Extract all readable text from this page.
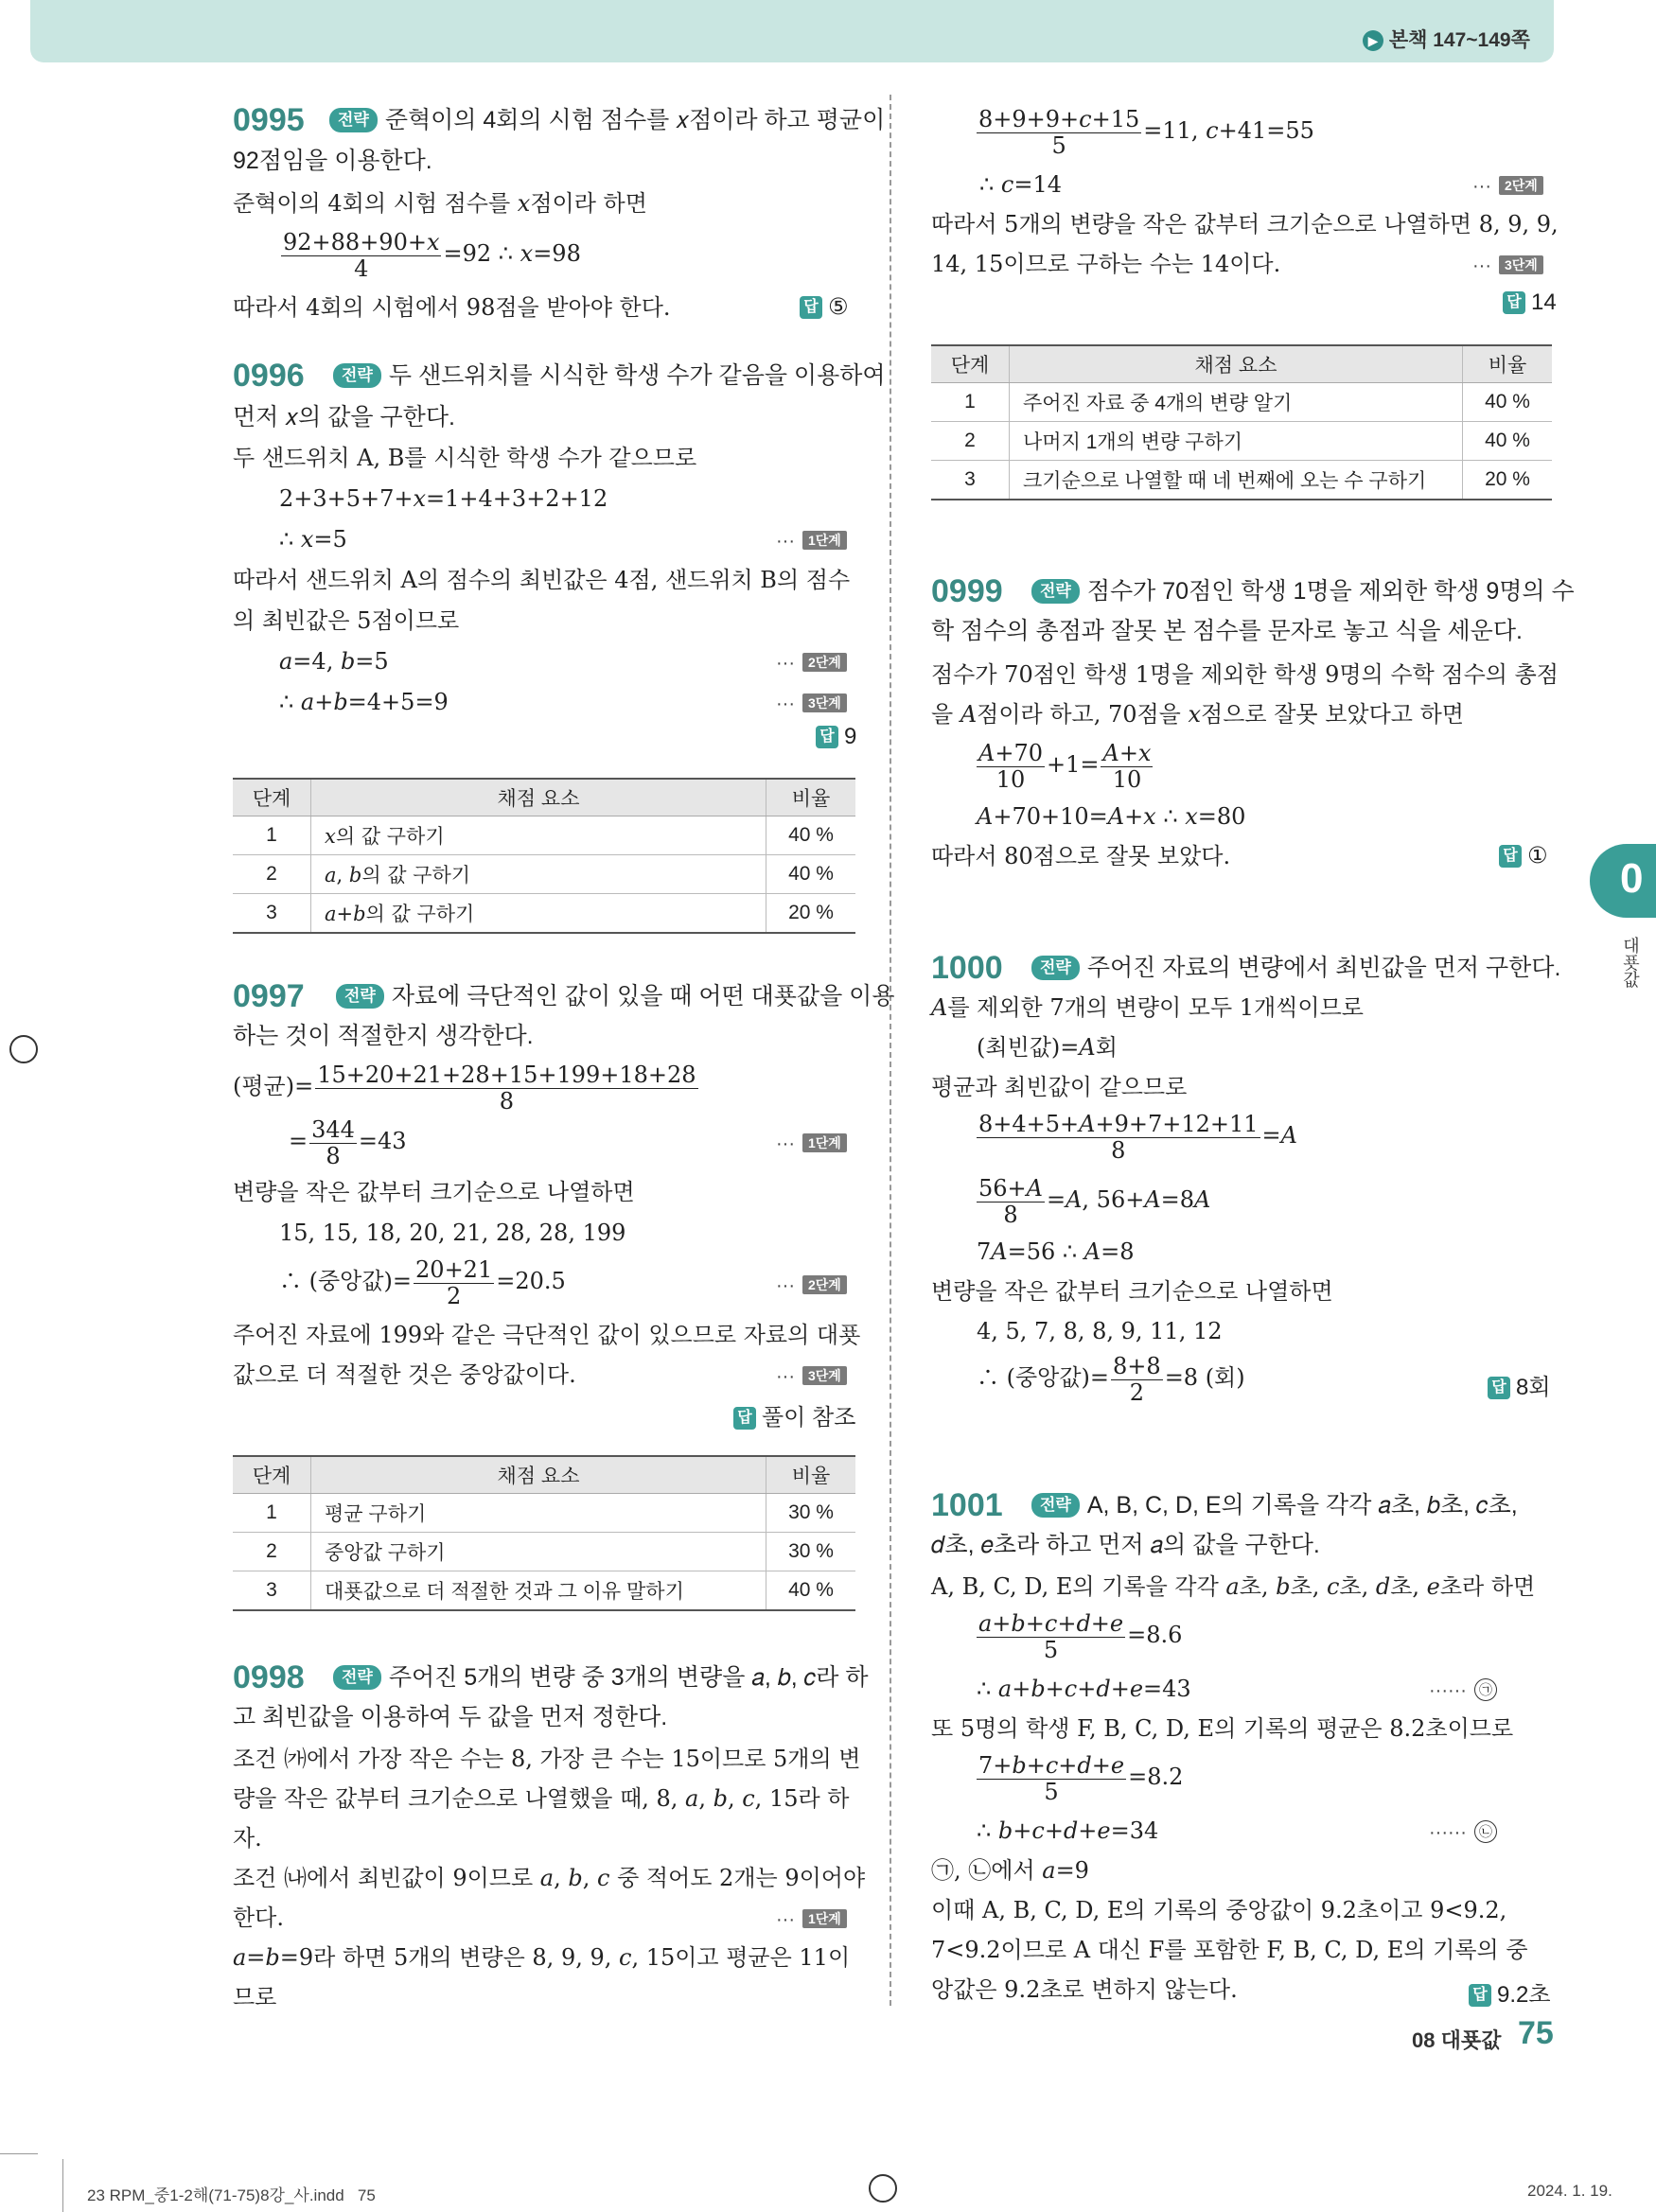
▶ 본책 147~149쪽
0
대푯값
0995	전략 준혁이의 4회의 시험 점수를 𝑥점이라 하고 평균이
92점임을 이용한다.
준혁이의 4회의 시험 점수를 𝑥점이라 하면
$\frac{\text{92+88+90+𝑥}}{4} =92$ ∴ 𝑥=98
따라서 4회의 시험에서 98점을 받아야 한다.	답 ⑤
0996	전략 두 샌드위치를 시식한 학생 수가 같음을 이용하여
먼저 𝑥의 값을 구한다.
두 샌드위치 A, B를 시식한 학생 수가 같으므로
2+3+5+7+𝑥=1+4+3+2+12
∴ 𝑥=5	··· 1단계
따라서 샌드위치 A의 점수의 최빈값은 4점, 샌드위치 B의 점수
의 최빈값은 5점이므로
𝑎=4, 𝑏=5	··· 2단계
∴ 𝑎+𝑏=4+5=9	··· 3단계
답 9
단계	채점 요소	비율
1	𝑥의 값 구하기	40 %
2	𝑎, 𝑏의 값 구하기	40 %
3	𝑎+𝑏의 값 구하기	20 %
0997	전략 자료에 극단적인 값이 있을 때 어떤 대푯값을 이용
하는 것이 적절한지 생각한다.
(평균)= $\frac{15+20+21+28+15+199+18+28}{8}$
= $\frac{344}{8} =43$	··· 1단계
변량을 작은 값부터 크기순으로 나열하면
15, 15, 18, 20, 21, 28, 28, 199
∴ (중앙값)= $\frac{20+21}{2} =20.5$	··· 2단계
주어진 자료에 199와 같은 극단적인 값이 있으므로 자료의 대푯
값으로 더 적절한 것은 중앙값이다.	··· 3단계
답 풀이 참조
단계	채점 요소	비율
1	평균 구하기	30 %
2	중앙값 구하기	30 %
3	대푯값으로 더 적절한 것과 그 이유 말하기	40 %
0998	전략 주어진 5개의 변량 중 3개의 변량을 𝑎, 𝑏, 𝑐라 하
고 최빈값을 이용하여 두 값을 먼저 정한다.
조건 ㈎에서 가장 작은 수는 8, 가장 큰 수는 15이므로 5개의 변
량을 작은 값부터 크기순으로 나열했을 때, 8, 𝑎, 𝑏, 𝑐, 15라 하
자.
조건 ㈏에서 최빈값이 9이므로 𝑎, 𝑏, 𝑐 중 적어도 2개는 9이어야
한다.	··· 1단계
𝑎=𝑏=9라 하면 5개의 변량은 8, 9, 9, 𝑐, 15이고 평균은 11이
므로
$\frac{\text{8+9+9+𝑐+15}}{5} =11$, 𝑐+41=55
∴ 𝑐=14	··· 2단계
따라서 5개의 변량을 작은 값부터 크기순으로 나열하면 8, 9, 9,
14, 15이므로 구하는 수는 14이다.	··· 3단계
답 14
단계	채점 요소	비율
1	주어진 자료 중 4개의 변량 알기	40 %
2	나머지 1개의 변량 구하기	40 %
3	크기순으로 나열할 때 네 번째에 오는 수 구하기	20 %
0999	전략 점수가 70점인 학생 1명을 제외한 학생 9명의 수
학 점수의 총점과 잘못 본 점수를 문자로 놓고 식을 세운다.
점수가 70점인 학생 1명을 제외한 학생 9명의 수학 점수의 총점
을 𝐴점이라 하고, 70점을 𝑥점으로 잘못 보았다고 하면
$\frac{\text{𝐴+70}}{10} +1= \frac{\text{𝐴+𝑥}}{10}$
𝐴+70+10=𝐴+𝑥 ∴ 𝑥=80
따라서 80점으로 잘못 보았다.	답 ①
1000	전략 주어진 자료의 변량에서 최빈값을 먼저 구한다.
𝐴를 제외한 7개의 변량이 모두 1개씩이므로
(최빈값)=𝐴회
평균과 최빈값이 같으므로
$\frac{\text{8+4+5+𝐴+9+7+12+11}}{8}$ =𝐴
$\frac{\text{56+𝐴}}{8}$ =𝐴, 56+𝐴=8𝐴
7𝐴=56 ∴ 𝐴=8
변량을 작은 값부터 크기순으로 나열하면
4, 5, 7, 8, 8, 9, 11, 12
∴ (중앙값)= $\frac{8+8}{2} =8$ (회)	답 8회
1001	전략 A, B, C, D, E의 기록을 각각 𝑎초, 𝑏초, 𝑐초,
𝑑초, 𝑒초라 하고 먼저 𝑎의 값을 구한다.
A, B, C, D, E의 기록을 각각 𝑎초, 𝑏초, 𝑐초, 𝑑초, 𝑒초라 하면
$\frac{\text{𝑎+𝑏+𝑐+𝑑+𝑒}}{5} =8.6$
∴ 𝑎+𝑏+𝑐+𝑑+𝑒=43	······ ㉠
또 5명의 학생 F, B, C, D, E의 기록의 평균은 8.2초이므로
$\frac{\text{7+𝑏+𝑐+𝑑+𝑒}}{5} =8.2$
∴ 𝑏+𝑐+𝑑+𝑒=34	······ ㉡
㉠, ㉡에서 𝑎=9
이때 A, B, C, D, E의 기록의 중앙값이 9.2초이고 9<9.2,
7<9.2이므로 A 대신 F를 포함한 F, B, C, D, E의 기록의 중
앙값은 9.2초로 변하지 않는다.	답 9.2초
08 대푯값 75
23 RPM_중1-2해(71-75)8강_사.indd   75	2024. 1. 19.
